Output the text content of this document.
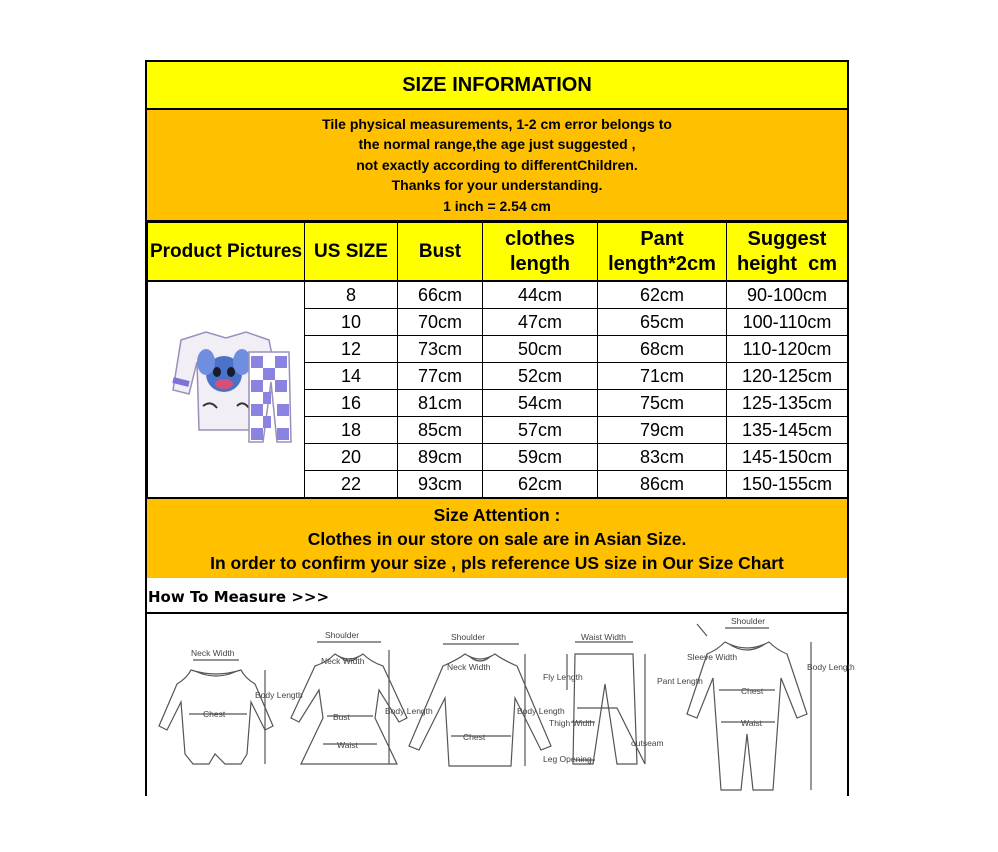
SIZE INFORMATION
Tile physical measurements, 1-2 cm error belongs to
the normal range,the age just suggested ,
not exactly according to differentChildren.
Thanks for your understanding.
1 inch = 2.54 cm
Product Pictures	US SIZE	Bust	clothes length	Pant length*2cm	Suggest height  cm
	8	66cm	44cm	62cm	90-100cm
	10	70cm	47cm	65cm	100-110cm
	12	73cm	50cm	68cm	110-120cm
	14	77cm	52cm	71cm	120-125cm
	16	81cm	54cm	75cm	125-135cm
	18	85cm	57cm	79cm	135-145cm
	20	89cm	59cm	83cm	145-150cm
	22	93cm	62cm	86cm	150-155cm
Size Attention :
Clothes in our store on sale are in Asian Size.
In order to confirm your size , pls reference US size in Our Size Chart
How To Measure >>>
Neck Width
Body Length
Chest
Shoulder
Neck Width
Bust
Waist
Body Length
Shoulder
Neck Width
Chest
Body Length
Waist Width
Fly Length	Pant Length
Thigh Width
outseam
Leg Opening
Shoulder
Sleeve Width
Chest
Waist
Body Length
